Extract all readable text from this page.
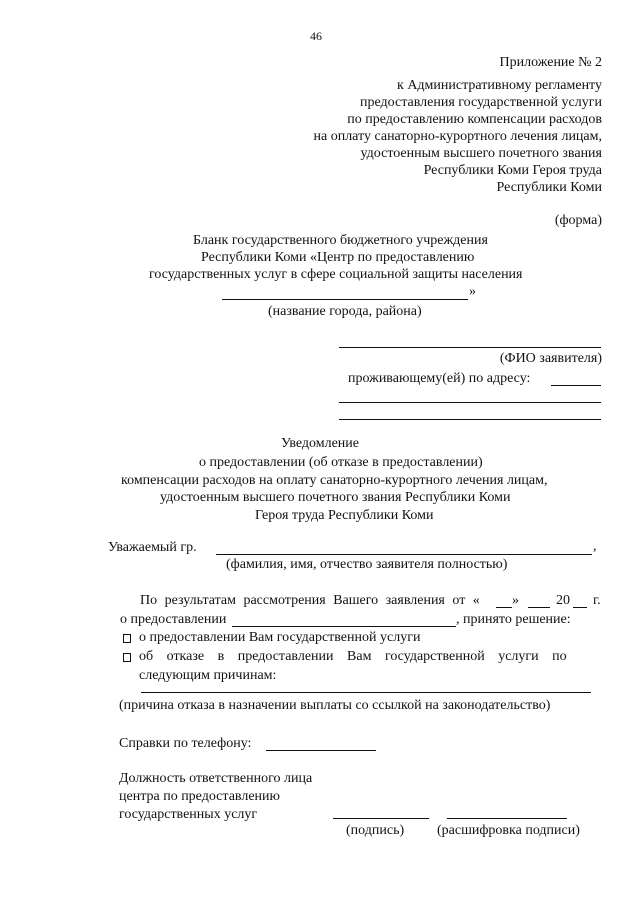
46
Приложение № 2
к Административному регламенту
предоставления государственной услуги
по предоставлению компенсации расходов
на оплату санаторно-курортного лечения лицам,
удостоенным высшего почетного звания
Республики Коми Героя труда
Республики Коми
(форма)
Бланк государственного бюджетного учреждения
Республики Коми «Центр по предоставлению
государственных услуг в сфере социальной защиты населения
»
(название города, района)
(ФИО заявителя)
проживающему(ей) по адресу:
Уведомление
о предоставлении (об отказе в предоставлении)
компенсации расходов на оплату санаторно-курортного лечения лицам,
удостоенным высшего почетного звания Республики Коми
Героя труда Республики Коми
Уважаемый гр.	,
(фамилия, имя, отчество заявителя полностью)
По результатам рассмотрения Вашего заявления от « »	20 г.
о предоставлении	, принято решение:
о предоставлении Вам государственной услуги
об отказе в предоставлении Вам государственной услуги по
следующим причинам:
(причина отказа в назначении выплаты со ссылкой на законодательство)
Справки по телефону:
Должность ответственного лица
центра по предоставлению
государственных услуг
(подпись) (расшифровка подписи)
